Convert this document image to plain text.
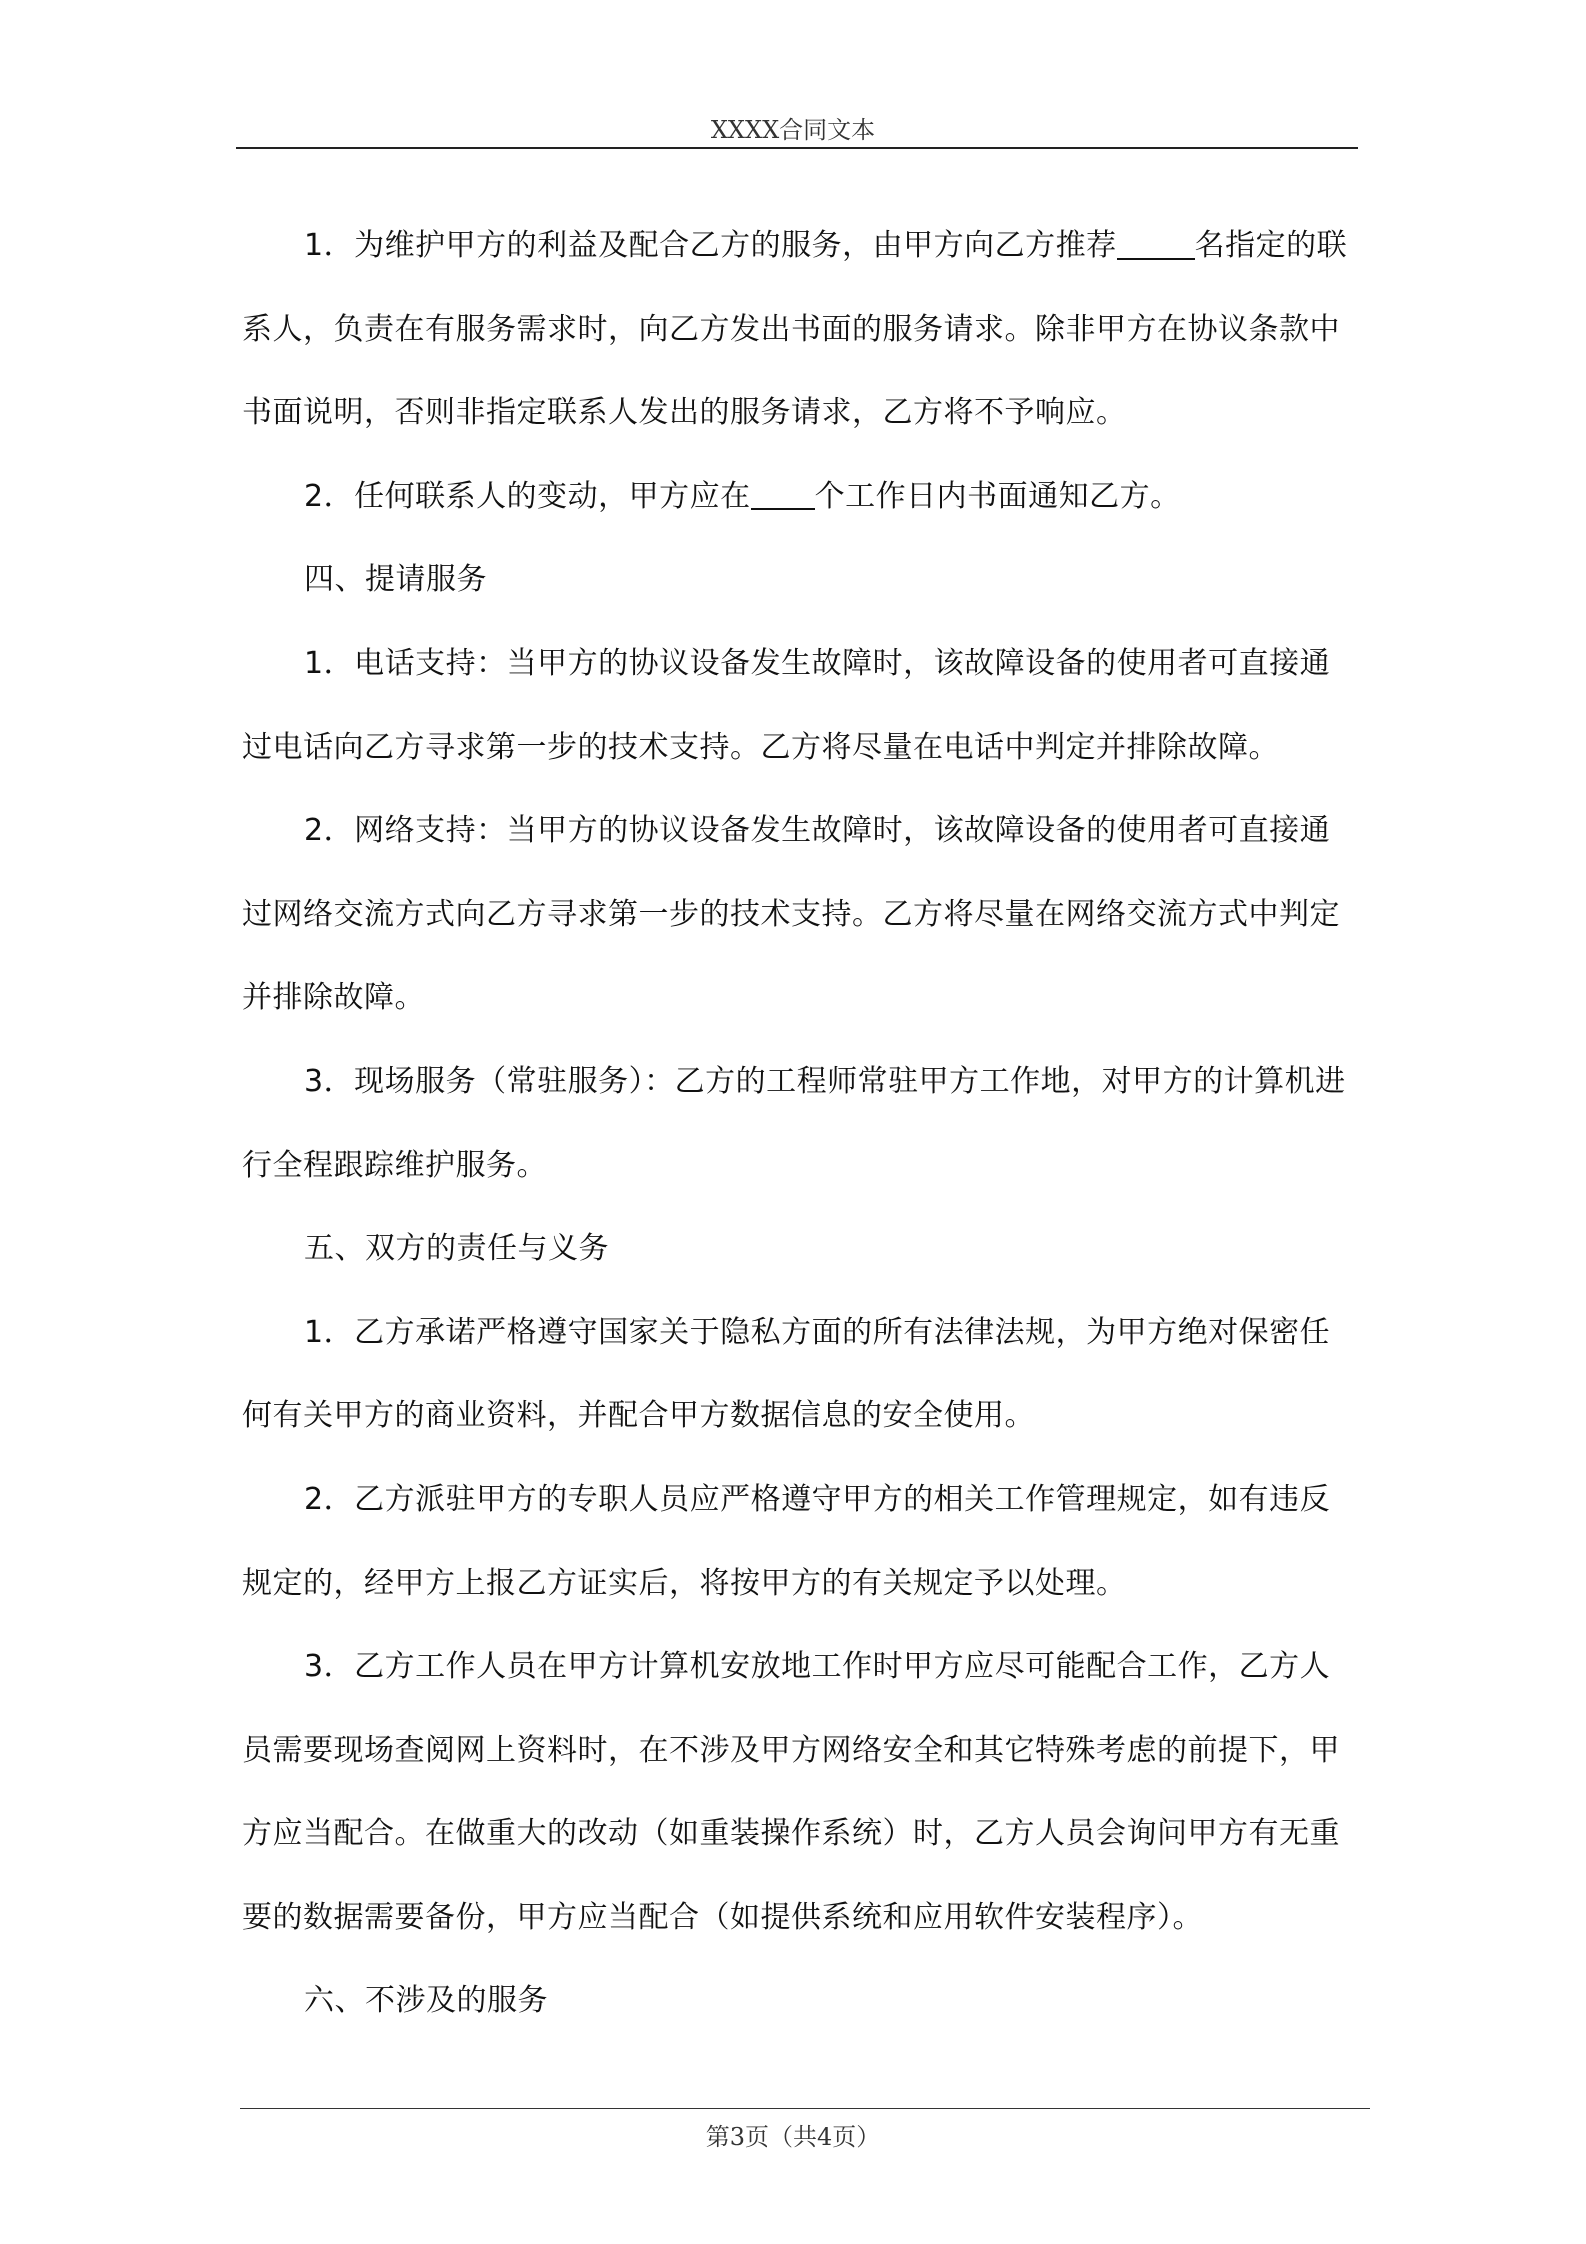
XXXX合同文本

1．为维护甲方的利益及配合乙方的服务，由甲方向乙方推荐	名指定的联系人，负责在有服务需求时，向乙方发出书面的服务请求。除非甲方在协议条款中书面说明，否则非指定联系人发出的服务请求，乙方将不予响应。

2．任何联系人的变动，甲方应在 个工作日内书面通知乙方。

四、提请服务

1．电话支持：当甲方的协议设备发生故障时，该故障设备的使用者可直接通过电话向乙方寻求第一步的技术支持。乙方将尽量在电话中判定并排除故障。

2．网络支持：当甲方的协议设备发生故障时，该故障设备的使用者可直接通过网络交流方式向乙方寻求第一步的技术支持。乙方将尽量在网络交流方式中判定并排除故障。

3．现场服务（常驻服务）：乙方的工程师常驻甲方工作地，对甲方的计算机进行全程跟踪维护服务。

五、双方的责任与义务

1．乙方承诺严格遵守国家关于隐私方面的所有法律法规，为甲方绝对保密任何有关甲方的商业资料，并配合甲方数据信息的安全使用。

2．乙方派驻甲方的专职人员应严格遵守甲方的相关工作管理规定，如有违反规定的，经甲方上报乙方证实后，将按甲方的有关规定予以处理。

3．乙方工作人员在甲方计算机安放地工作时甲方应尽可能配合工作，乙方人员需要现场查阅网上资料时，在不涉及甲方网络安全和其它特殊考虑的前提下，甲方应当配合。在做重大的改动（如重装操作系统）时，乙方人员会询问甲方有无重要的数据需要备份，甲方应当配合（如提供系统和应用软件安装程序）。

六、不涉及的服务

第3页（共4页）
